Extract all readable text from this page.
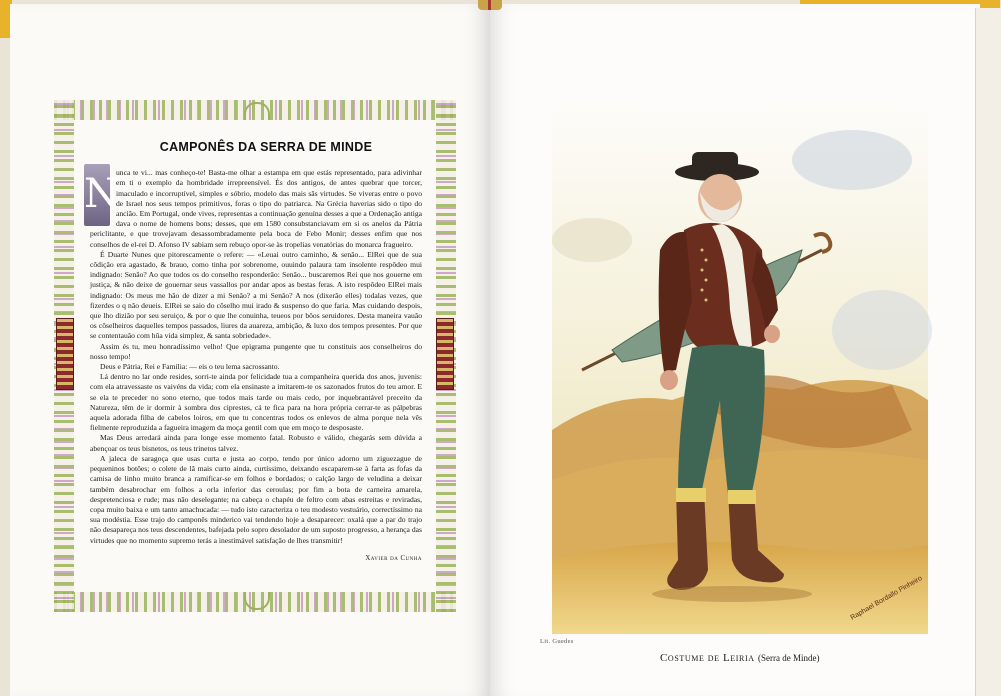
CAMPONÊS DA SERRA DE MINDE
N

unca te vi... mas conheço-te! Basta-me olhar a estampa em que estás representado, para adivinhar em ti o exemplo da hombridade irrepreensível. És dos antigos, de antes quebrar que torcer, imaculado e incorruptível, simples e sóbrio, modelo das mais sãs virtudes. Se viveras entre o povo de Israel nos seus tempos primitivos, foras o tipo do patriarca. Na Grécia haverias sido o tipo do ancião. Em Portugal, onde vives, representas a continuação genuína desses a que a Ordenação antiga dava o nome de homens bons; desses, que em 1580 consubstanciavam em si os anelos da Pátria periclitante, e que trovejavam desassombradamente pela boca de Febo Monir; desses enfim que nos conselhos de el-rei D. Afonso IV sabiam sem rebuço opor-se às tropelias venatórias do monarca fragueiro.

É Duarte Nunes que pitorescamente o refere: — «Leuai outro caminho, & senão... ElRei que de sua cõdição era agastado, & brauo, como tinha por sobrenome, ouuindo palaura tam insolente respõdeo mui indignado: Senão? Ao que todos os do conselho responderão: Senão... buscaremos Rei que nos gouerne em justiça, & não deixe de gouernar seus vassallos por andar apos as bestas feras. A isto respõdeo ElRei mais indignado: Os meus me hão de dizer a mi Senão? a mi Senão? A nos (dixerão elles) todalas vezes, que fizerdes o q não deueis. ElRei se saio do cõselho mui irado & suspenso do que faria. Mas cuidando despois, que lho dizião por seu seruiço, & por o que lhe conuinha, teueos por bõos seruidores. Desta maneira vauão os cõselheiros daquelles tempos passados, liures da auareza, ambição, & luxo dos tempos presentes. Por que se contentauão com hũa vida simplez, & santa sobriedade».

Assim és tu, meu honradíssimo velho! Que epigrama pungente que tu constituis aos conselheiros do nosso tempo!

Deus e Pátria, Rei e Família: — eis o teu lema sacrossanto.

Lá dentro no lar onde resides, sorri-te ainda por felicidade tua a companheira querida dos anos, juvenis: com ela atravessaste os vaivéns da vida; com ela ensinaste a imitarem-te os sazonados frutos do teu amor. E se ela te preceder no sono eterno, que todos mais tarde ou mais cedo, por inquebrantável preceito da Natureza, têm de ir dormir à sombra dos ciprestes, cá te fica para na hora própria cerrar-te as pálpebras aquela adorada filha de cabelos loiros, em que tu concentras todos os enlevos de alma porque nela vês fielmente reproduzida a fagueira imagem da moça gentil com que em moço te desposaste.

Mas Deus arredará ainda para longe esse momento fatal. Robusto e válido, chegarás sem dúvida a abençoar os teus bisnetos, os teus trinetos talvez.

A jaleca de saragoça que usas curta e justa ao corpo, tendo por único adorno um ziguezague de pequeninos botões; o colete de lã mais curto ainda, curtíssimo, deixando escaparem-se à farta as fofas da camisa de linho muito branca a ramificar-se em folhos e bordados; o calção largo de veludina a deixar também desabrochar em folhos a orla inferior das ceroulas; por fim a bota de carneira amarela, despretenciosa e rude; mas não deselegante; na cabeça o chapéu de feltro com abas estreitas e reviradas, copa muito baixa e um tanto amachucada: — tudo isto caracteriza o teu modesto vestuário, correctíssimo na sua modéstia. Esse trajo do camponês minderico vai tendendo hoje a desaparecer: oxalá que a par do trajo não desapareça nos teus descendentes, bafejada pelo sopro desolador de um suposto progresso, a herança das virtudes que no momento supremo terás a inestimável satisfação de lhes transmitir!

Xavier da Cunha
Raphael Bordallo Pinheiro
Lit. Guedes
Costume de Leiria (Serra de Minde)
